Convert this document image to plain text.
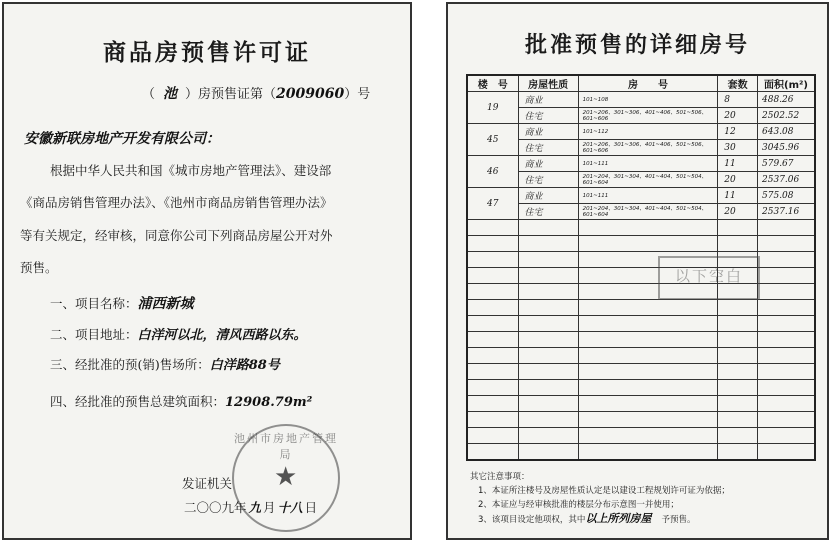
商品房预售许可证
（ 池 ）房预售证第（2009060）号
安徽新联房地产开发有限公司：
根据中华人民共和国《城市房地产管理法》、建设部
《商品房销售管理办法》、《池州市商品房销售管理办法》
等有关规定，经审核，同意你公司下列商品房屋公开对外
预售。
一、项目名称：浦西新城
二、项目地址：白洋河以北，清风西路以东。
三、经批准的预(销)售场所：白洋路88号
四、经批准的预售总建筑面积：12908.79m²
池州市房地产管理局
★
发证机关
二〇〇九年 九 月 十八 日
批准预售的详细房号
楼　号	房屋性质	房　　号	套数	面积(m²)
19	商业	101~108	8	488.26
	住宅	201~206、301~306、401~406、501~506、601~606	20	2502.52
45	商业	101~112	12	643.08
	住宅	201~206、301~306、401~406、501~506、601~606	30	3045.96
46	商业	101~111	11	579.67
	住宅	201~204、301~304、401~404、501~504、601~604	20	2537.06
47	商业	101~111	11	575.08
	住宅	201~204、301~304、401~404、501~504、601~604	20	2537.16

以下空白
其它注意事项：
1、本证所注楼号及房屋性质认定是以建设工程规划许可证为依据；
2、本证应与经审核批准的楼层分布示意图一并使用；
3、该项目设定他项权，其中以上所列房屋 予预售。
